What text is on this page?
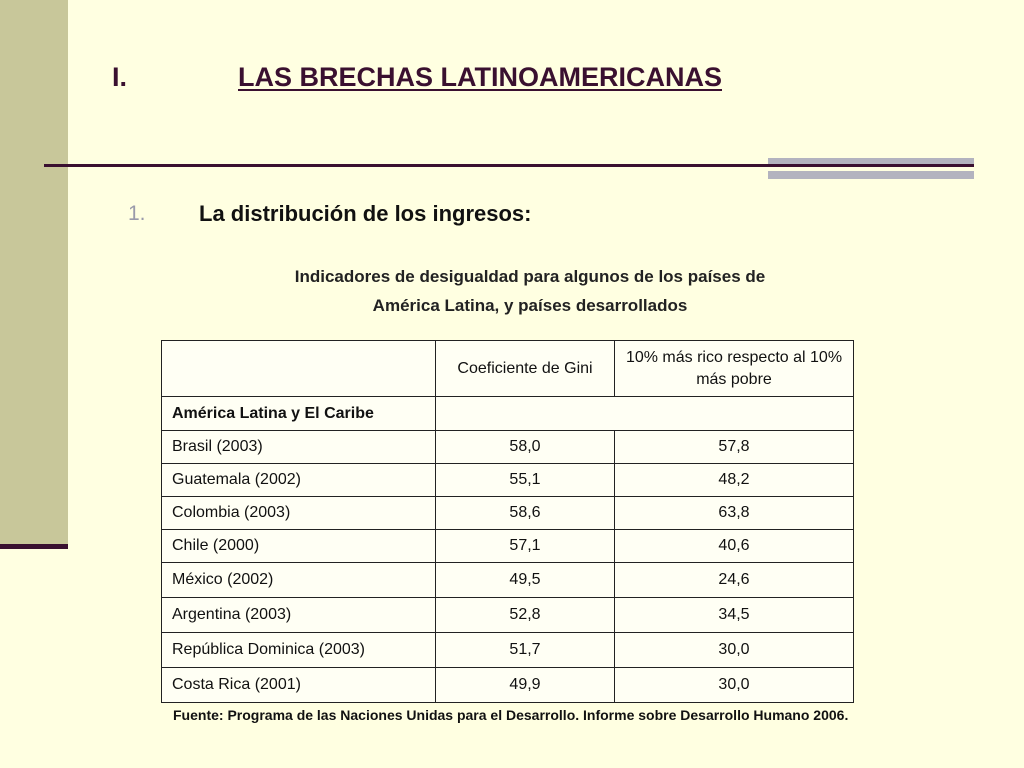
I.	LAS BRECHAS LATINOAMERICANAS
1. La distribución de los ingresos:
Indicadores de desigualdad para algunos de los países de
América Latina, y países desarrollados
	Coeficiente de Gini	10% más rico respecto al 10% más pobre
América Latina y El Caribe		
Brasil (2003)	58,0	57,8
Guatemala (2002)	55,1	48,2
Colombia (2003)	58,6	63,8
Chile (2000)	57,1	40,6
México (2002)	49,5	24,6
Argentina (2003)	52,8	34,5
República Dominica (2003)	51,7	30,0
Costa Rica (2001)	49,9	30,0
Fuente: Programa de las Naciones Unidas para el Desarrollo. Informe sobre Desarrollo Humano 2006.
